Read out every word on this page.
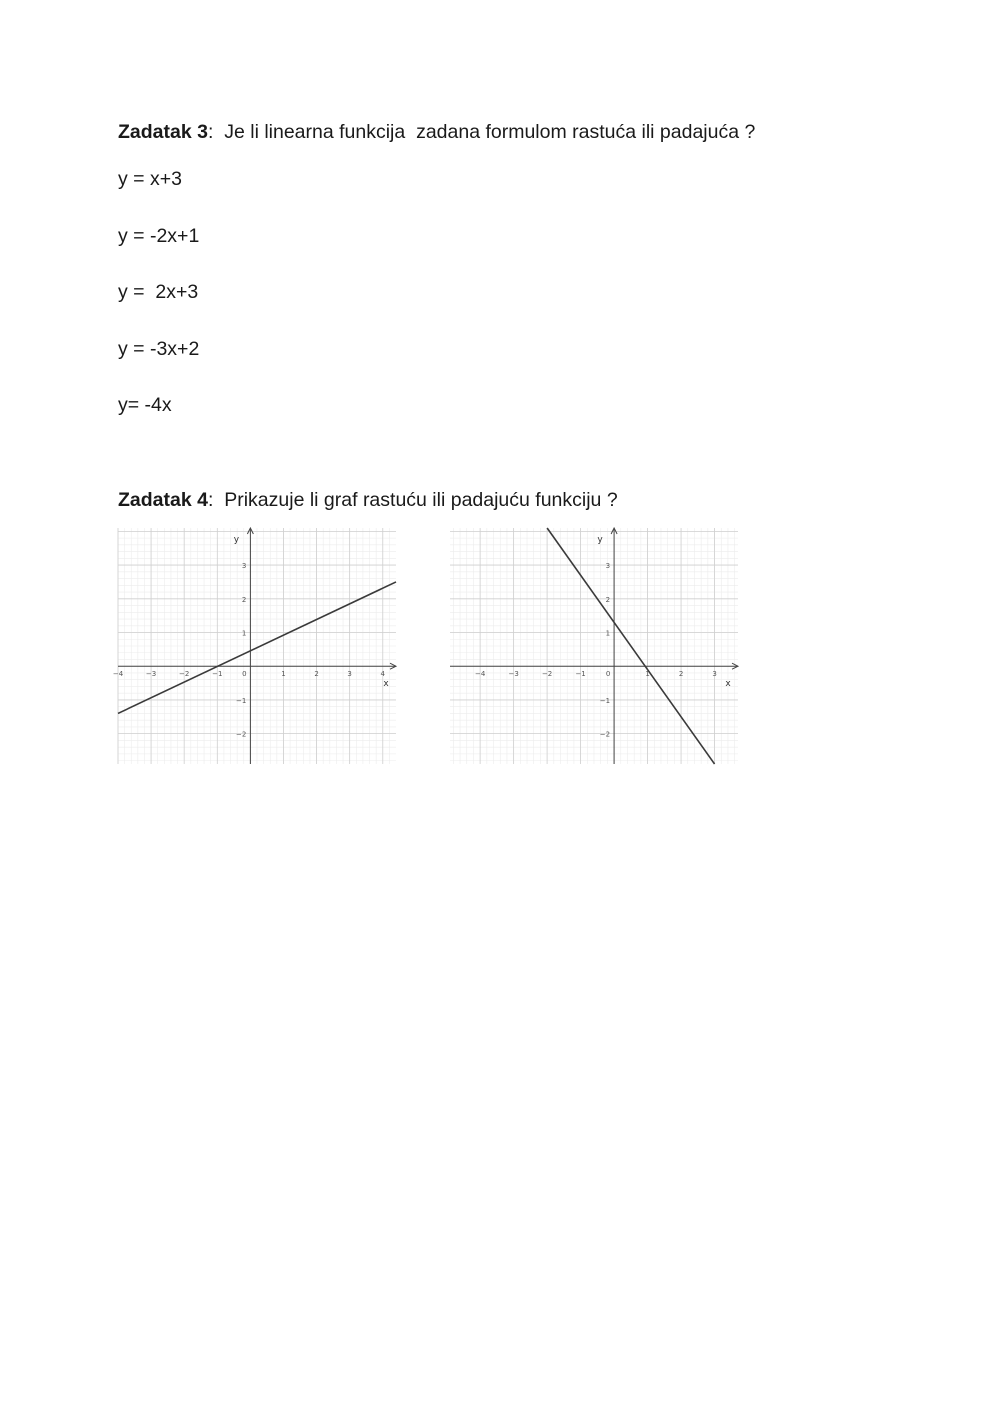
Zadatak 3:  Je li linearna funkcija  zadana formulom rastuća ili padajuća ?
y = x+3
y = -2x+1
y =  2x+3
y = -3x+2
y= -4x
Zadatak 4:  Prikazuje li graf rastuću ili padajuću funkciju ?
−4	−3	−2	−1	0	1	2	3	4
3
2
1
−1
−2
x
y
−4	−3	−2	−1	0	1	2	3
3
2
1
−1
−2
x
y
